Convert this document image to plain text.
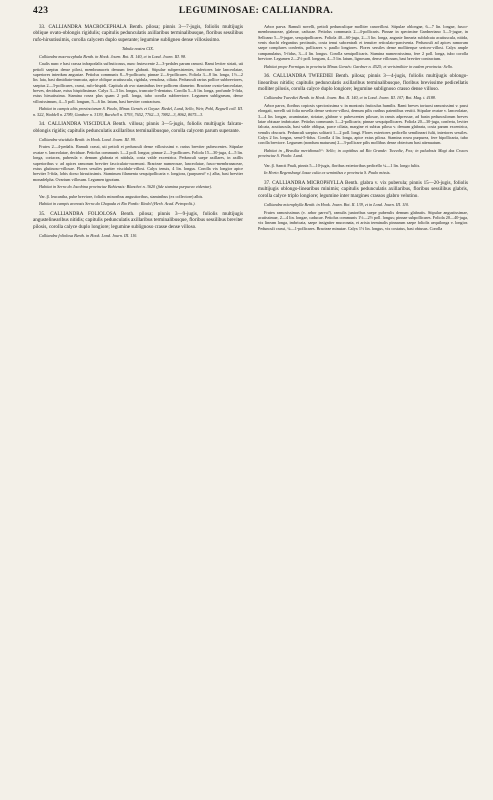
423	LEGUMINOSAE: CALLIANDRA.

33. CALLIANDRA MACROCEPHALA Benth. pilosa; pinnis 3—7-jugis, foliolis multijugis oblique ovato-oblongis rigidulis; capitulis pedunculatis axillaribus terminalibusque, floribus sessilibus rufo-hirsutissimis, corolla calycem duplo superante; legumine subligneo dense villosissimo.

Tabula nostra CIX.

Calliandra macrocephala Benth. in Hook. Journ. Bot. II. 140, et in Lond. Journ. III. 98.

Caulis nunc e basi crassa infrapodalis suffruticosus, nunc frutescente 2—3-pedales parum ramosi. Rami leviter striati, uti petioli saepius dense pilosi, membranaceis densum fere glabrati. Stipulae subpersistentes, inferiores late lanceolatae, superiores interdum angustae. Petiolus communis 8—9-pollicaris; pinnae 2—6-pollicares. Foliola 3—8 lin. longa, 1½—2 lin. lata, basi dimidiato-truncata, apice oblique acutiuscula, rigidula, venulosa, ciliata. Pedunculi rarius pollice subbreviores, saepius 2—3-pollicares, crassi, rufo-hispidi. Capitula ab ovo staminibus fere pollicem diametro. Bracteae ovato-lanceolatae, breves, deciduae, extus hispidissimae. Calyx 3—3 lin. longus, truncato-5-dentatus. Corolla 5—6 lin. longa, profunde 5-fida, extus hirsutissima. Stamina rosea plus quam 2 poll. longa, tubo corolla subbreviore. Legumen subligneum, dense villosissimum, 4—5 poll. longum, 5—6 lin. latum, basi breviter contractum.

Habitat in campis altis provinciarum S. Paulo, Minas Geraës et Goyaz: Riedel, Lund, Sello, Weir, Pohl, Regnell coll. III. n. 522, Weddell n. 2789, Gardner n. 3139, Burchell n. 5793, 7652, 7762—3, 7882—3, 8062, 8075—3.

34. CALLIANDRA VISCIDULA Benth. villosa; pinnis 3—5-jugis, foliolis multijugis falcato-oblongis rigidis; capitulis pedunculatis axillaribus terminalibusque, corolla calycem parum superante.

Calliandra viscidula Benth. in Hook. Lond. Journ. III. 99.

Frutex 2—4-pedalis. Ramuli crassi, uti petioli et pedunculi dense villosissimi v. rarius breviter pubescentes. Stipulae ovatae v. lanceolatae, deciduae. Petiolus communis 1—2 poll. longus; pinnae 2—3-pollicares. Foliola 15—30-juga, 4—5 lin. longa, coriacea, puberula v. demum glabrata et nitidula, costa valde excentrica. Pedunculi saepe axillares, in axillis superioribus v. ad apices ramorum breviter fasciculato-racemosi. Bracteae numerosae, lanceolatae, fusco-membranaceae, extus glutinoso-villosae. Flores sessiles pariter viscidulo-villosi. Calyx tenuis, 4 lin. longus. Corolla vix longior apice breviter 5-fida, lobis dorso hirsutissimis. Staminum filamenta sesquipollicaria v. longiora, (purpurea? v.) alba, basi breviter monadelpha. Ovarium villosum. Legumen ignotum.

Habitat in Serra do Jacobina provinciae Bahiensis: Blanchet n. 3620 (fide stamina purpurea videntur).

Var. β. leucantha, pube breviore, foliolis minoribus angustioribus, staminibus (ex collectore) albis.

Habitat in campis arenosis Serra da Chapada et Rio Pardo: Riedel (Herb. Acad. Petropolit.).

35. CALLIANDRA FOLIOLOSA Benth. pilosa; pinnis 3—9-jugis, foliolis multijugis angustelinearibus nitidis; capitulis pedunculatis axillaribus terminalibusque, floribus sessilibus breviter pilosis, corolla calyce duplo longiore; legumine sublignoso crasse dense villoso.

Calliandra foliolosa Benth. in Hook. Lond. Journ. III. 110.

Arbor parva. Ramuli novelli, petioli pedunculique molliter canovillosi. Stipulae oblongae, 6—7 lin. longae, fusco-membranaceae, glabrae, caducae. Petiolus communis 2—4-pollicaris. Pinnae in specimine Gardneriano 3—5-jugae, in Selloano 5—9-jugae, sesquipollicares. Foliola 40—60-juga, 2—3 lin. longa, anguste linearia subfalcata acutiuscula, nitida, venis rhachi elegantius pectinatis, costa tenui subcentrali et tenuiter reticulato-parcivenia. Pedunculi ad apices ramorum saepe complures confertis, pollicares v. paullo longiores. Flores sessiles dense molliterque sericeo-villosi. Calyx ample campanulatus, 5-fidus, 3—4 lin. longus. Corolla semipollicaris. Stamina numerosissima, fere 2 poll. longa, tubo corolla breviore. Legumen 2—2½ poll. longum, 4—5 lin. latum, lignosum, dense villosum, basi breviter contractum.

Habitat prope Formigas in provincia Minas Geraës: Gardner n. 4525; et verisimiliter in eadem provincia: Sello.

36. CALLIANDRA TWEEDIEI Benth. pilosa; pinnis 3—4-jugis, foliolis multijugis oblongo-linearibus nitidis; capitulis pedunculatis axillaribus terminalibusque, floribus brevissime pedicellatis molliter pilosis, corolla calyce duplo longiore; legumine sublignoso crasso dense villoso.

Calliandra Tweediei Benth. in Hook. Journ. Bot. II. 140, et in Lond. Journ. III. 107; Bot. Mag. t. 4188.

Arbor parva, floribus copiosis speciosissima v. in montosis fruticulus humilis. Rami breves tortuosi ramosissimi v. passi elongati, novelli uti folia novella dense sericeo-villosi, demum pilis raribus patentibus vestiti. Stipulae ovatae v. lanceolatae, 3—4 lin. longae, acuminatae, striatae, glabrae v. pubescentes pilosae, in ramis adpressae, ad basin pedunculorum breves latae obtusae imbricatae. Petiolus communis 1—2-pollicaris; pinnae sesquipollicares. Foliola 20—30-juga, conferta, leviter falcata, acutiuscula, basi valde obliqua, parce ciliata, margine et subtus pilosa v. demum glabrata, costa parum excentrica, venulis obscuris. Pedunculi saepius solitarii 1—2 poll. longi. Flores exteriores pedicello semilineari fulti, interiores sessiles. Calyx 2 lin. longus, semi-5-fidus. Corolla 4 lin. longa, apice extus pilosa. Stamina rosea purpurea, fere bipollicaria, tubo corolla breviore. Legumen (nondum maturum) 2—3-pollicare pilis mollibus dense obtectum basi attenuatum.

Habitat in „Brasilia meridionali“: Sello; in capitibus ad Rio Grande: Tweedie, Fox; in paludosis Magi das Cruces provinciae S. Paulo: Lund.

Var. β. Sancti Pauli, pinnis 5—10-jugis, floribus exterioribus pedicello ¼—1 lin. longo fultis.

In Horto Regensburgi Jasae culta ex seminibus e provincia S. Paulo missis.

37. CALLIANDRA MICROPHYLLA Benth. glabra v. vix puberula; pinnis 15—20-jugis, foliolis multijugis oblongo-linearibus minimis; capitulis pedunculatis axillaribus, floribus sessilibus glabris, corolla calyce triplo longiore; legumine inter margines crassos glabro velutino.

Calliandra microphylla Benth. in Hook. Journ. Bot. II. 139, et in Lond. Journ. III. 110.

Frutex ramosissimus (v. arbor parva?), ramulis junioribus saepe puberulis demum glabratis. Stipulae angustissimae, acutissimae, 2—4 lin. longae, caducae. Petiolus communis 1½—2½ poll. longus; pinnae subpollicares. Foliola 20—40-juga, vix lineam longa, imbricata, saepe insigniter mucronata, et arista terminalis pinnarum saepe foliolis aequilonga v. longior. Pedunculi crassi, ¼—1-pollicares. Bracteae minutae. Calyx 1½ lin. longus, vix costatus, basi obtusus. Corolla
